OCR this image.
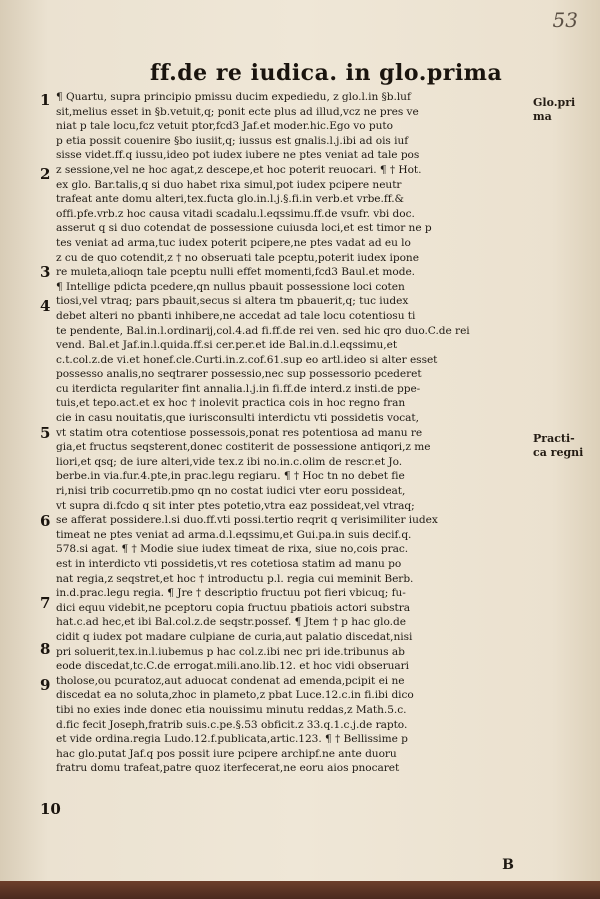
53
ff.de re iudica. in glo.prima
Glo.pri
ma
Practi-
ca regni
1
2
3
4
5
6
7
8
9
10
¶ Quartu, supra principio pmissu ducim expediedu, z glo.l.in §b.luf
sit,melius esset in §b.vetuit,q; ponit ecte plus ad illud,vcz ne pres ve
niat p tale locu,fcz vetuit ptor,fcd3 Jaf.et moder.hic.Ego vo puto
p etia possit couenire §bo iusiit,q; iussus est gnalis.l.j.ibi ad ois iuf
sisse videt.ff.q iussu,ideo pot iudex iubere ne ptes veniat ad tale pos
z sessione,vel ne hoc agat,z descepe,et hoc poterit reuocari. ¶ † Hot.
ex glo. Bar.talis,q si duo habet rixa simul,pot iudex pcipere neutr
trafeat ante domu alteri,tex.fucta glo.in.l.j.§.fi.in verb.et vrbe.ff.&
offi.pfe.vrb.z hoc causa vitadi scadalu.l.eqssimu.ff.de vsufr. vbi doc.
asserut q si duo cotendat de possessione cuiusda loci,et est timor ne p
tes veniat ad arma,tuc iudex poterit pcipere,ne ptes vadat ad eu lo
z cu de quo cotendit,z † no obseruati tale pceptu,poterit iudex ipone
re muleta,alioqn tale pceptu nulli effet momenti,fcd3 Baul.et mode.
¶ Intellige pdicta pcedere,qn nullus pbauit possessione loci coten
tiosi,vel vtraq; pars pbauit,secus si altera tm pbauerit,q; tuc iudex
debet alteri no pbanti inhibere,ne accedat ad tale locu cotentiosu ti
te pendente, Bal.in.l.ordinarij,col.4.ad fi.ff.de rei ven. sed hic qro duo.C.de rei
vend. Bal.et Jaf.in.l.quida.ff.si cer.per.et ide Bal.in.d.l.eqssimu,et
c.t.col.z.de vi.et honef.cle.Curti.in.z.cof.61.sup eo artl.ideo si alter esset
possesso analis,no seqtrarer possessio,nec sup possessorio pcederet
cu iterdicta regulariter fint annalia.l.j.in fi.ff.de interd.z insti.de ppe-
tuis,et tepo.act.et ex hoc † inolevit practica cois in hoc regno fran
cie in casu nouitatis,que iurisconsulti interdictu vti possidetis vocat,
vt statim otra cotentiose possessois,ponat res potentiosa ad manu re
gia,et fructus seqsterent,donec costiterit de possessione antiqori,z me
liori,et qsq; de iure alteri,vide tex.z ibi no.in.c.olim de rescr.et Jo.
berbe.in via.fur.4.pte,in prac.legu regiaru. ¶ † Hoc tn no debet fie
ri,nisi trib cocurretib.pmo qn no costat iudici vter eoru possideat,
vt supra di.fcdo q sit inter ptes potetio,vtra eaz possideat,vel vtraq;
se afferat possidere.l.si duo.ff.vti possi.tertio reqrit q verisimiliter iudex
timeat ne ptes veniat ad arma.d.l.eqssimu,et Gui.pa.in suis decif.q.
578.si agat. ¶ † Modie siue iudex timeat de rixa, siue no,cois prac.
est in interdicto vti possidetis,vt res cotetiosa statim ad manu po
nat regia,z seqstret,et hoc † introductu p.l. regia cui meminit Berb.
in.d.prac.legu regia. ¶ Jre † descriptio fructuu pot fieri vbicuq; fu-
dici equu videbit,ne pceptoru copia fructuu pbatiois actori substra
hat.c.ad hec,et ibi Bal.col.z.de seqstr.possef. ¶ Jtem † p hac glo.de
cidit q iudex pot madare culpiane de curia,aut palatio discedat,nisi
pri soluerit,tex.in.l.iubemus p hac col.z.ibi nec pri ide.tribunus ab
eode discedat,tc.C.de errogat.mili.ano.lib.12. et hoc vidi obseruari
tholose,ou pcuratoz,aut aduocat condenat ad emenda,pcipit ei ne
discedat ea no soluta,zhoc in plameto,z pbat Luce.12.c.in fi.ibi dico
tibi no exies inde donec etia nouissimu minutu reddas,z Math.5.c.
d.fic fecit Joseph,fratrib suis.c.pe.§.53 obficit.z 33.q.1.c.j.de rapto.
et vide ordina.regia Ludo.12.f.publicata,artic.123. ¶ † Bellissime p
hac glo.putat Jaf.q pos possit iure pcipere archipf.ne ante duoru
fratru domu trafeat,patre quoz iterfecerat,ne eoru aios pnocaret
B
